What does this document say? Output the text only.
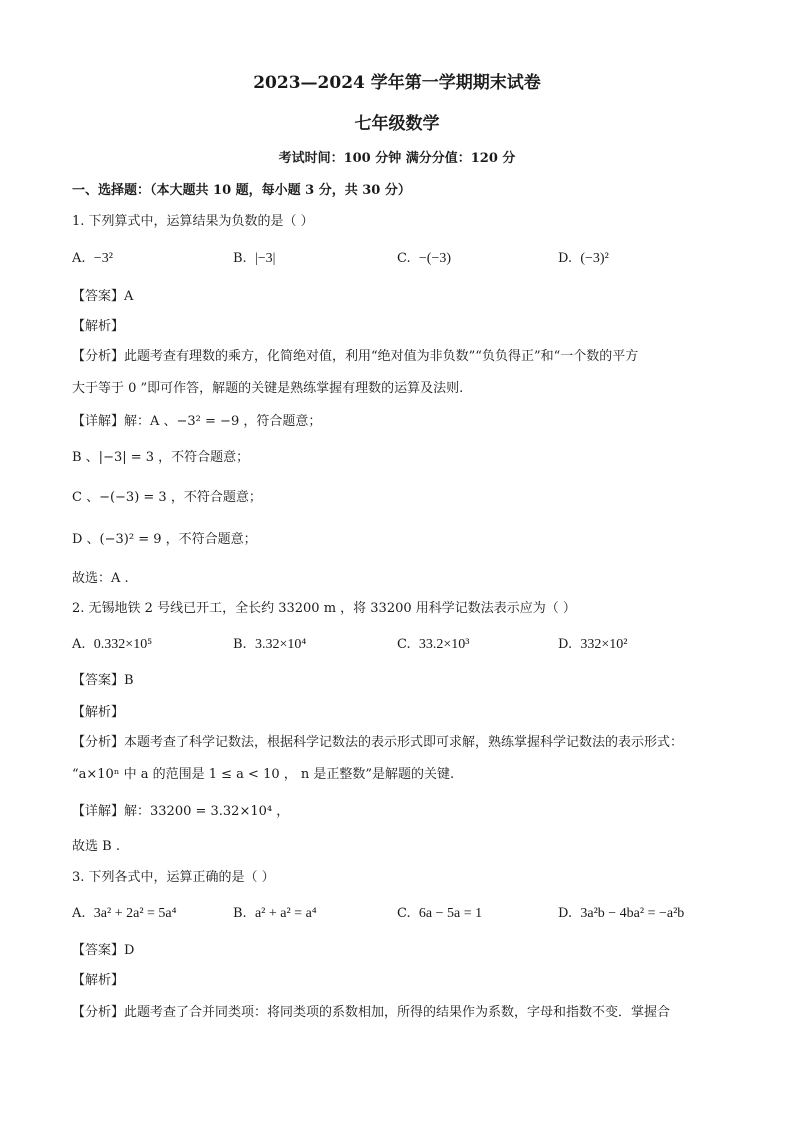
2023—2024 学年第一学期期末试卷
七年级数学
考试时间：100 分钟 满分分值：120 分
一、选择题：（本大题共 10 题，每小题 3 分，共 30 分）
1. 下列算式中，运算结果为负数的是（ ）
A. −3²	B. |−3|	C. −(−3)	D. (−3)²
【答案】A
【解析】
【分析】此题考查有理数的乘方，化简绝对值，利用“绝对值为非负数”“负负得正”和“一个数的平方
大于等于 0 ”即可作答，解题的关键是熟练掌握有理数的运算及法则.
【详解】解：A 、−3² = −9 ，符合题意；
B 、|−3| = 3 ，不符合题意；
C 、−(−3) = 3 ，不符合题意；
D 、(−3)² = 9 ，不符合题意；
故选：A .
2. 无锡地铁 2 号线已开工，全长约 33200 m ，将 33200 用科学记数法表示应为（ ）
A. 0.332×10⁵	B. 3.32×10⁴	C. 33.2×10³	D. 332×10²
【答案】B
【解析】
【分析】本题考查了科学记数法，根据科学记数法的表示形式即可求解，熟练掌握科学记数法的表示形式：
“a×10ⁿ 中 a 的范围是 1 ≤ a < 10 ， n 是正整数”是解题的关键.
【详解】解：33200 = 3.32×10⁴ ，
故选 B .
3. 下列各式中，运算正确的是（ ）
A. 3a² + 2a² = 5a⁴	B. a² + a² = a⁴	C. 6a − 5a = 1	D. 3a²b − 4ba² = −a²b
【答案】D
【解析】
【分析】此题考查了合并同类项：将同类项的系数相加，所得的结果作为系数，字母和指数不变．掌握合
